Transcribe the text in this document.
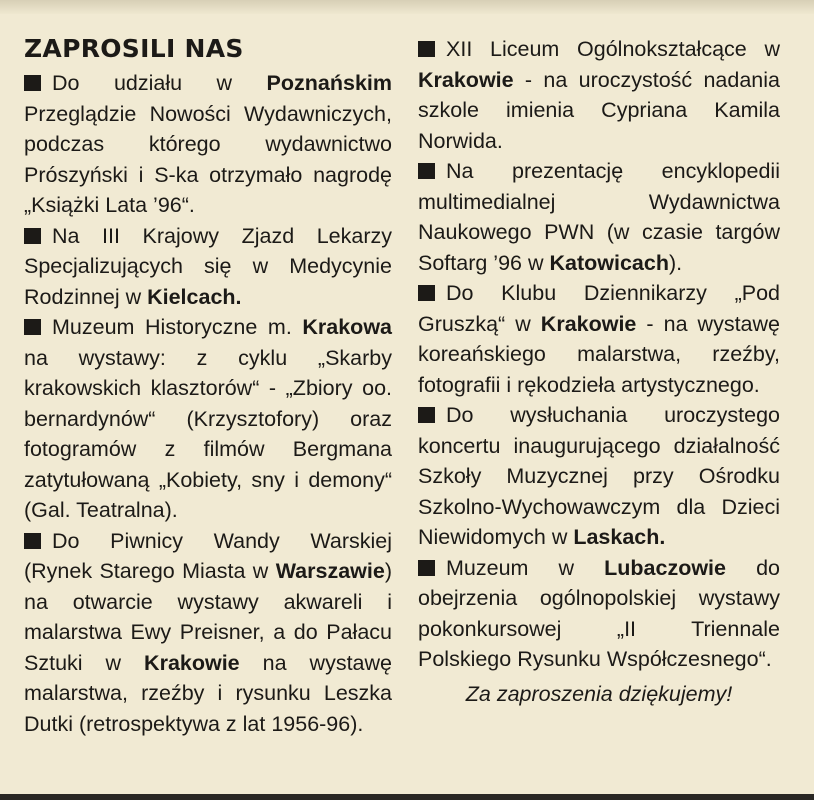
ZAPROSILI NAS

Do udziału w Poznańskim Przeglądzie Nowości Wydawniczych, podczas którego wydawnictwo Prószyński i S-ka otrzymało nagrodę „Książki Lata ’96“.

Na III Krajowy Zjazd Lekarzy Specjalizujących się w Medycynie Rodzinnej w Kielcach.

Muzeum Historyczne m. Krakowa na wystawy: z cyklu „Skarby krakowskich klasztorów“ - „Zbiory oo. bernardynów“ (Krzysztofory) oraz fotogramów z filmów Bergmana zatytułowaną „Kobiety, sny i demony“ (Gal. Teatralna).

Do Piwnicy Wandy Warskiej (Rynek Starego Miasta w Warszawie) na otwarcie wystawy akwareli i malarstwa Ewy Preisner, a do Pałacu Sztuki w Krakowie na wystawę malarstwa, rzeźby i rysunku Leszka Dutki (retrospektywa z lat 1956-96).

XII Liceum Ogólnokształcące w Krakowie - na uroczystość nadania szkole imienia Cypriana Kamila Norwida.

Na prezentację encyklopedii multimedialnej Wydawnictwa Naukowego PWN (w czasie targów Softarg ’96 w Katowicach).

Do Klubu Dziennikarzy „Pod Gruszką“ w Krakowie - na wystawę koreańskiego malarstwa, rzeźby, fotografii i rękodzieła artystycznego.

Do wysłuchania uroczystego koncertu inaugurującego działalność Szkoły Muzycznej przy Ośrodku Szkolno-Wychowawczym dla Dzieci Niewidomych w Laskach.

Muzeum w Lubaczowie do obejrzenia ogólnopolskiej wystawy pokonkursowej „II Triennale Polskiego Rysunku Współczesnego“.

Za zaproszenia dziękujemy!
